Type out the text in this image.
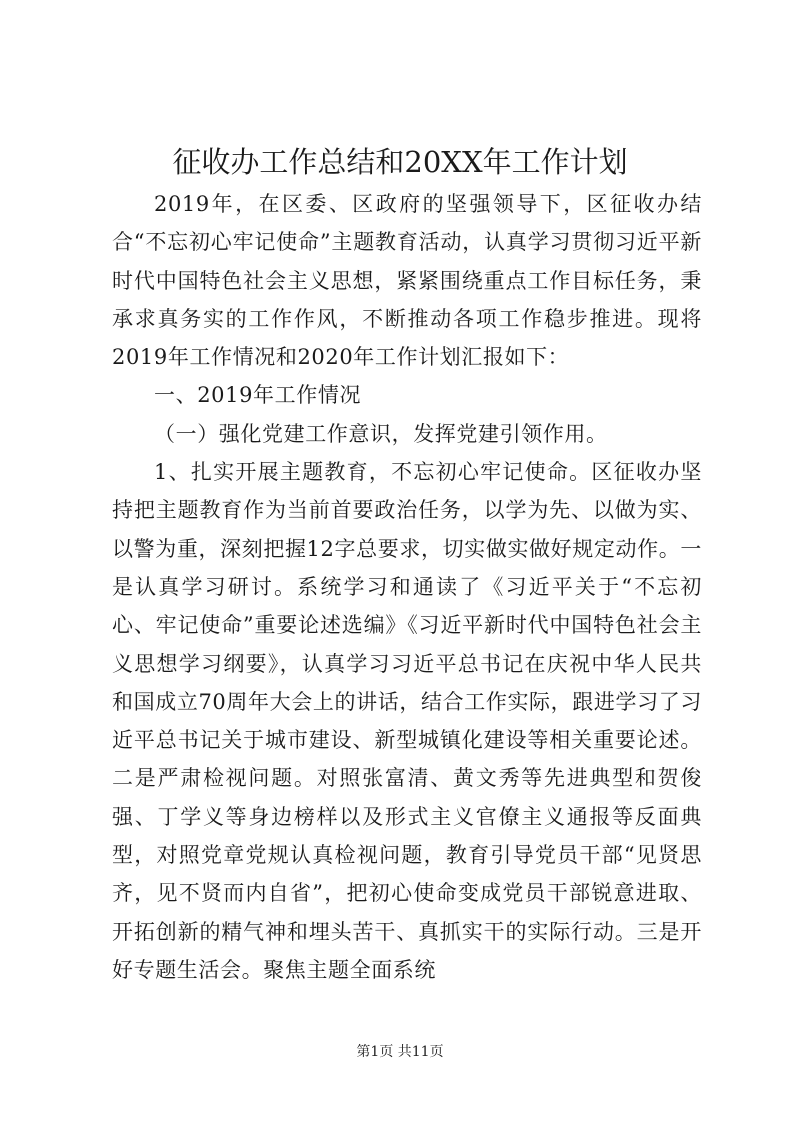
征收办工作总结和20XX年工作计划

2019年，在区委、区政府的坚强领导下，区征收办结合“不忘初心牢记使命”主题教育活动，认真学习贯彻习近平新时代中国特色社会主义思想，紧紧围绕重点工作目标任务，秉承求真务实的工作作风，不断推动各项工作稳步推进。现将2019年工作情况和2020年工作计划汇报如下：

一、2019年工作情况

（一）强化党建工作意识，发挥党建引领作用。

1、扎实开展主题教育，不忘初心牢记使命。区征收办坚持把主题教育作为当前首要政治任务，以学为先、以做为实、以警为重，深刻把握12字总要求，切实做实做好规定动作。一是认真学习研讨。系统学习和通读了《习近平关于“不忘初心、牢记使命”重要论述选编》《习近平新时代中国特色社会主义思想学习纲要》，认真学习习近平总书记在庆祝中华人民共和国成立70周年大会上的讲话，结合工作实际，跟进学习了习近平总书记关于城市建设、新型城镇化建设等相关重要论述。二是严肃检视问题。对照张富清、黄文秀等先进典型和贺俊强、丁学义等身边榜样以及形式主义官僚主义通报等反面典型，对照党章党规认真检视问题，教育引导党员干部“见贤思齐，见不贤而内自省”，把初心使命变成党员干部锐意进取、开拓创新的精气神和埋头苦干、真抓实干的实际行动。三是开好专题生活会。聚焦主题全面系统

第1页 共11页
